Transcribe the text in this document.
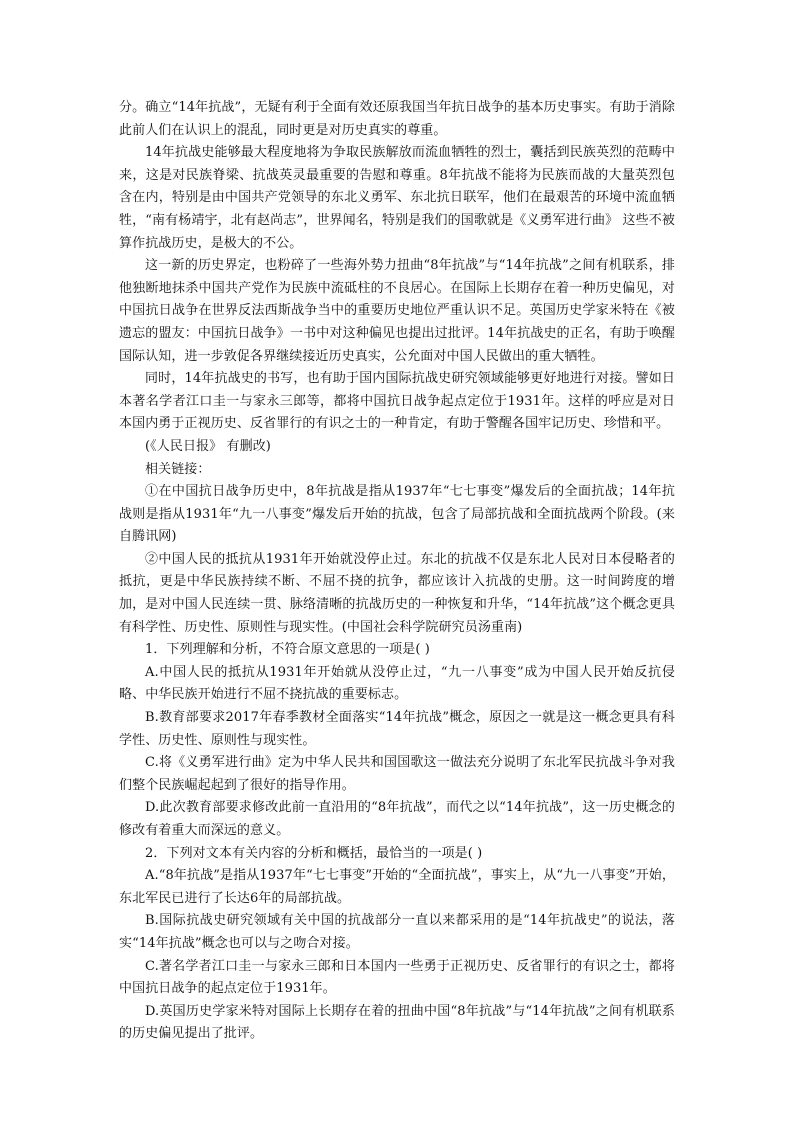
分。确立“14年抗战”，无疑有利于全面有效还原我国当年抗日战争的基本历史事实。有助于消除此前人们在认识上的混乱，同时更是对历史真实的尊重。

14年抗战史能够最大程度地将为争取民族解放而流血牺牲的烈士，囊括到民族英烈的范畴中来，这是对民族脊梁、抗战英灵最重要的告慰和尊重。8年抗战不能将为民族而战的大量英烈包含在内，特别是由中国共产党领导的东北义勇军、东北抗日联军，他们在最艰苦的环境中流血牺牲，“南有杨靖宇，北有赵尚志”，世界闻名，特别是我们的国歌就是《义勇军进行曲》 这些不被算作抗战历史，是极大的不公。

这一新的历史界定，也粉碎了一些海外势力扭曲“8年抗战”与“14年抗战”之间有机联系，排他独断地抹杀中国共产党作为民族中流砥柱的不良居心。在国际上长期存在着一种历史偏见，对中国抗日战争在世界反法西斯战争当中的重要历史地位严重认识不足。英国历史学家米特在《被遗忘的盟友：中国抗日战争》一书中对这种偏见也提出过批评。14年抗战史的正名，有助于唤醒国际认知，进一步敦促各界继续接近历史真实，公允面对中国人民做出的重大牺牲。

同时，14年抗战史的书写，也有助于国内国际抗战史研究领域能够更好地进行对接。譬如日本著名学者江口圭一与家永三郎等，都将中国抗日战争起点定位于1931年。这样的呼应是对日本国内勇于正视历史、反省罪行的有识之士的一种肯定，有助于警醒各国牢记历史、珍惜和平。

(《人民日报》 有删改)

相关链接：

①在中国抗日战争历史中，8年抗战是指从1937年“七七事变”爆发后的全面抗战；14年抗战则是指从1931年“九一八事变”爆发后开始的抗战，包含了局部抗战和全面抗战两个阶段。(来自腾讯网)

②中国人民的抵抗从1931年开始就没停止过。东北的抗战不仅是东北人民对日本侵略者的抵抗，更是中华民族持续不断、不屈不挠的抗争，都应该计入抗战的史册。这一时间跨度的增加，是对中国人民连续一贯、脉络清晰的抗战历史的一种恢复和升华，“14年抗战”这个概念更具有科学性、历史性、原则性与现实性。(中国社会科学院研究员汤重南)

1．下列理解和分析，不符合原文意思的一项是( )

A.中国人民的抵抗从1931年开始就从没停止过，“九一八事变”成为中国人民开始反抗侵略、中华民族开始进行不屈不挠抗战的重要标志。

B.教育部要求2017年春季教材全面落实“14年抗战”概念，原因之一就是这一概念更具有科学性、历史性、原则性与现实性。

C.将《义勇军进行曲》定为中华人民共和国国歌这一做法充分说明了东北军民抗战斗争对我们整个民族崛起起到了很好的指导作用。

D.此次教育部要求修改此前一直沿用的“8年抗战”，而代之以“14年抗战”，这一历史概念的修改有着重大而深远的意义。

2．下列对文本有关内容的分析和概括，最恰当的一项是( )

A.“8年抗战”是指从1937年“七七事变”开始的“全面抗战”，事实上，从“九一八事变”开始，东北军民已进行了长达6年的局部抗战。

B.国际抗战史研究领域有关中国的抗战部分一直以来都采用的是“14年抗战史”的说法，落实“14年抗战”概念也可以与之吻合对接。

C.著名学者江口圭一与家永三郎和日本国内一些勇于正视历史、反省罪行的有识之士，都将中国抗日战争的起点定位于1931年。

D.英国历史学家米特对国际上长期存在着的扭曲中国“8年抗战”与“14年抗战”之间有机联系的历史偏见提出了批评。
